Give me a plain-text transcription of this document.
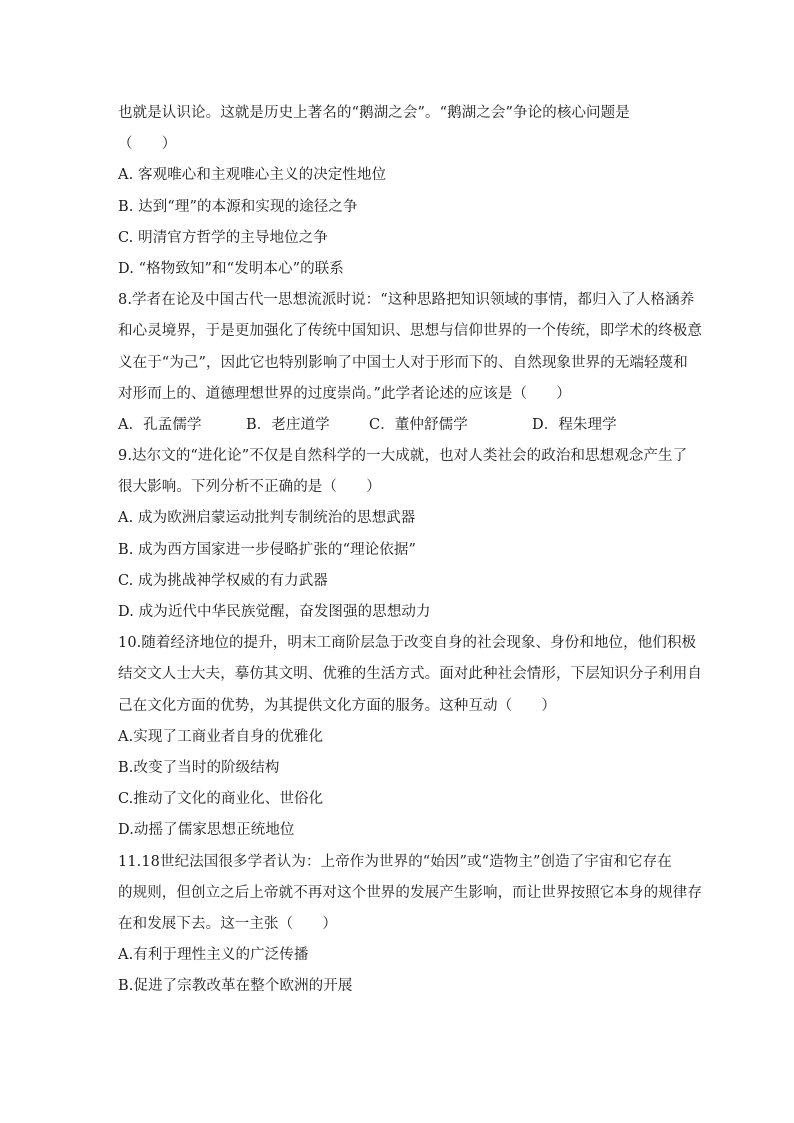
也就是认识论。这就是历史上著名的“鹅湖之会”。“鹅湖之会”争论的核心问题是
（　　）
A. 客观唯心和主观唯心主义的决定性地位
B. 达到“理”的本源和实现的途径之争
C. 明清官方哲学的主导地位之争
D. “格物致知”和“发明本心”的联系
8.学者在论及中国古代一思想流派时说：“这种思路把知识领域的事情，都归入了人格涵养
和心灵境界，于是更加强化了传统中国知识、思想与信仰世界的一个传统，即学术的终极意
义在于“为己”，因此它也特别影响了中国士人对于形而下的、自然现象世界的无端轻蔑和
对形而上的、道德理想世界的过度崇尚。”此学者论述的应该是（　　）
A．孔孟儒学	B．老庄道学	C．董仲舒儒学	D．程朱理学
9.达尔文的“进化论”不仅是自然科学的一大成就，也对人类社会的政治和思想观念产生了
很大影响。下列分析不正确的是（　　）
A. 成为欧洲启蒙运动批判专制统治的思想武器
B. 成为西方国家进一步侵略扩张的“理论依据”
C. 成为挑战神学权威的有力武器
D. 成为近代中华民族觉醒，奋发图强的思想动力
10.随着经济地位的提升，明末工商阶层急于改变自身的社会现象、身份和地位，他们积极
结交文人士大夫，摹仿其文明、优雅的生活方式。面对此种社会情形，下层知识分子利用自
己在文化方面的优势，为其提供文化方面的服务。这种互动（　　）
A.实现了工商业者自身的优雅化
B.改变了当时的阶级结构
C.推动了文化的商业化、世俗化
D.动摇了儒家思想正统地位
11.18世纪法国很多学者认为：上帝作为世界的“始因”或“造物主”创造了宇宙和它存在
的规则，但创立之后上帝就不再对这个世界的发展产生影响，而让世界按照它本身的规律存
在和发展下去。这一主张（　　）
A.有利于理性主义的广泛传播
B.促进了宗教改革在整个欧洲的开展
